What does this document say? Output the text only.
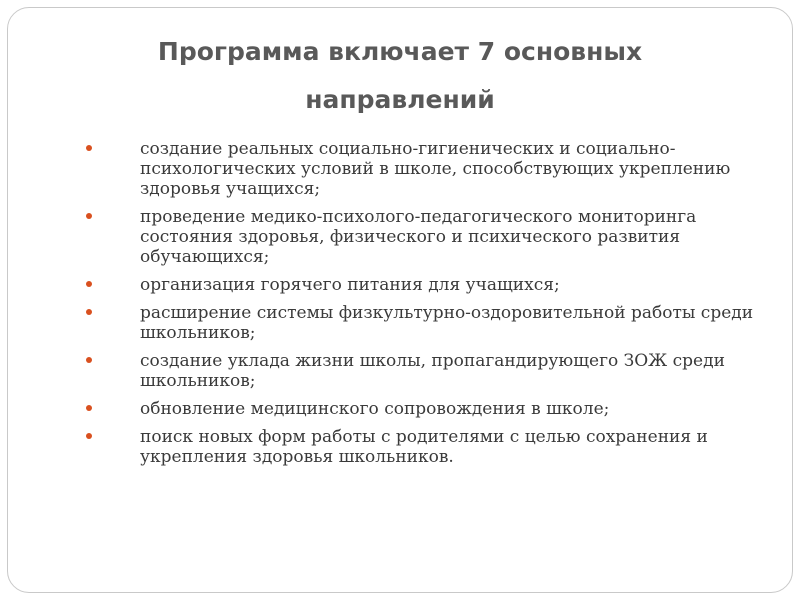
Программа включает 7 основных направлений
создание реальных социально-гигиенических и социально-психологических условий в школе, способствующих укреплению здоровья учащихся;
проведение медико-психолого-педагогического мониторинга состояния здоровья, физического и психического развития обучающихся;
организация горячего питания для учащихся;
расширение системы физкультурно-оздоровительной работы среди школьников;
создание уклада жизни школы, пропагандирующего ЗОЖ среди школьников;
обновление медицинского сопровождения в школе;
поиск новых форм работы с родителями с целью сохранения и укрепления здоровья школьников.
